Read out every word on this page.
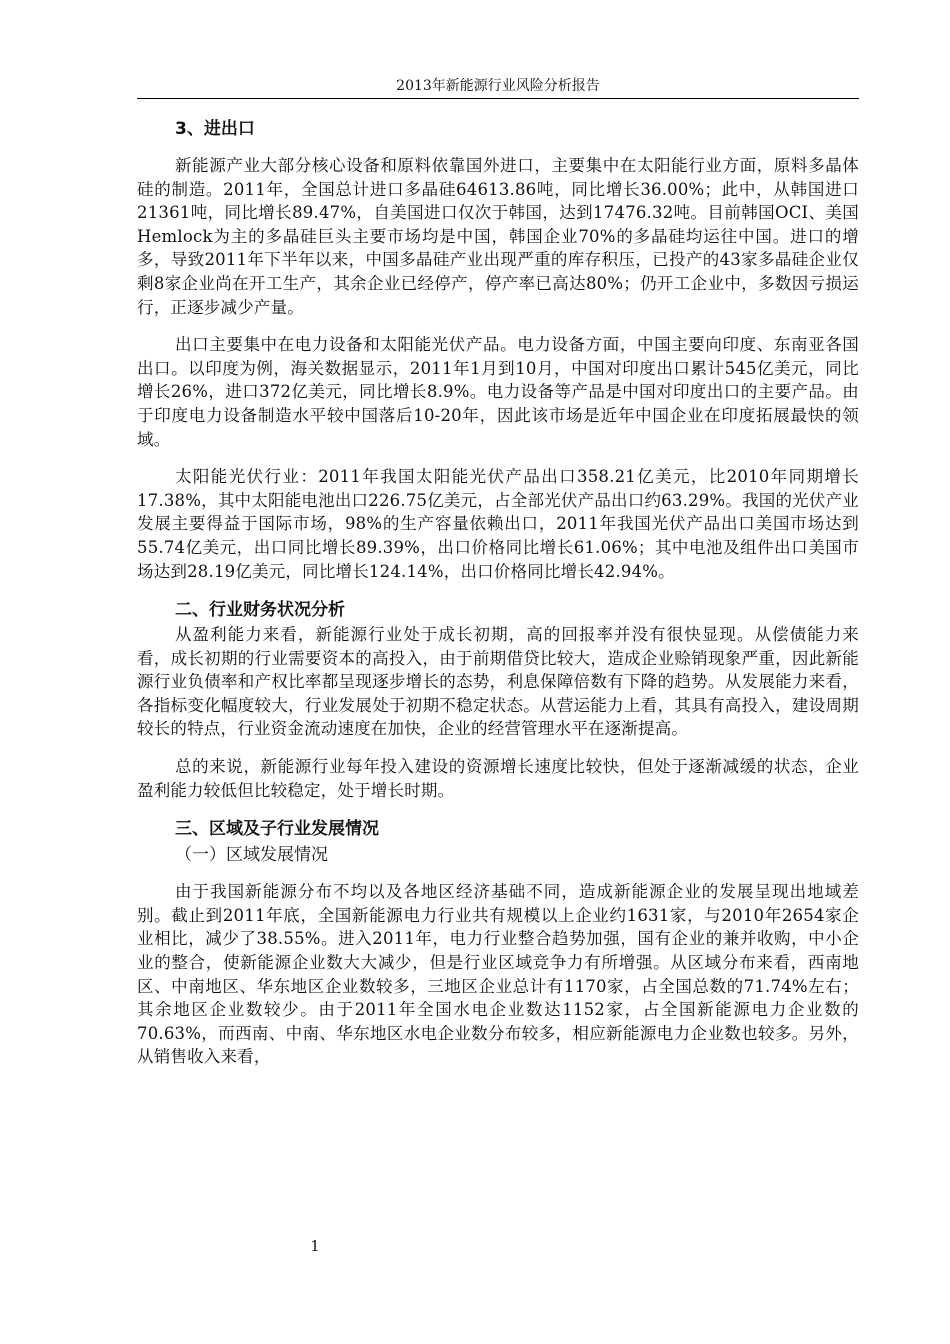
2013年新能源行业风险分析报告
3、进出口

新能源产业大部分核心设备和原料依靠国外进口，主要集中在太阳能行业方面，原料多晶体硅的制造。2011年，全国总计进口多晶硅64613.86吨，同比增长36.00%；此中，从韩国进口21361吨，同比增长89.47%，自美国进口仅次于韩国，达到17476.32吨。目前韩国OCI、美国Hemlock为主的多晶硅巨头主要市场均是中国，韩国企业70%的多晶硅均运往中国。进口的增多，导致2011年下半年以来，中国多晶硅产业出现严重的库存积压，已投产的43家多晶硅企业仅剩8家企业尚在开工生产，其余企业已经停产，停产率已高达80%；仍开工企业中，多数因亏损运行，正逐步减少产量。

出口主要集中在电力设备和太阳能光伏产品。电力设备方面，中国主要向印度、东南亚各国出口。以印度为例，海关数据显示，2011年1月到10月，中国对印度出口累计545亿美元，同比增长26%，进口372亿美元，同比增长8.9%。电力设备等产品是中国对印度出口的主要产品。由于印度电力设备制造水平较中国落后10-20年，因此该市场是近年中国企业在印度拓展最快的领域。

太阳能光伏行业：2011年我国太阳能光伏产品出口358.21亿美元，比2010年同期增长17.38%，其中太阳能电池出口226.75亿美元，占全部光伏产品出口约63.29%。我国的光伏产业发展主要得益于国际市场，98%的生产容量依赖出口，2011年我国光伏产品出口美国市场达到55.74亿美元，出口同比增长89.39%，出口价格同比增长61.06%；其中电池及组件出口美国市场达到28.19亿美元，同比增长124.14%，出口价格同比增长42.94%。

二、行业财务状况分析

从盈利能力来看，新能源行业处于成长初期，高的回报率并没有很快显现。从偿债能力来看，成长初期的行业需要资本的高投入，由于前期借贷比较大，造成企业赊销现象严重，因此新能源行业负债率和产权比率都呈现逐步增长的态势，利息保障倍数有下降的趋势。从发展能力来看，各指标变化幅度较大，行业发展处于初期不稳定状态。从营运能力上看，其具有高投入，建设周期较长的特点，行业资金流动速度在加快，企业的经营管理水平在逐渐提高。

总的来说，新能源行业每年投入建设的资源增长速度比较快，但处于逐渐减缓的状态，企业盈利能力较低但比较稳定，处于增长时期。

三、区域及子行业发展情况
（一）区域发展情况

由于我国新能源分布不均以及各地区经济基础不同，造成新能源企业的发展呈现出地域差别。截止到2011年底，全国新能源电力行业共有规模以上企业约1631家，与2010年2654家企业相比，减少了38.55%。进入2011年，电力行业整合趋势加强，国有企业的兼并收购，中小企业的整合，使新能源企业数大大减少，但是行业区域竞争力有所增强。从区域分布来看，西南地区、中南地区、华东地区企业数较多，三地区企业总计有1170家，占全国总数的71.74%左右；其余地区企业数较少。由于2011年全国水电企业数达1152家，占全国新能源电力企业数的70.63%，而西南、中南、华东地区水电企业数分布较多，相应新能源电力企业数也较多。另外，从销售收入来看，

1
